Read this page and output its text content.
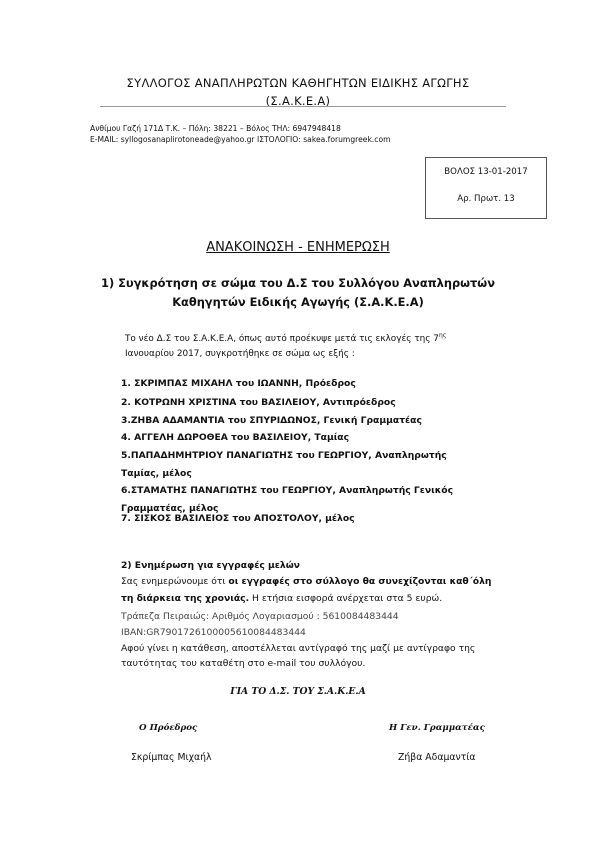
ΣΥΛΛΟΓΟΣ ΑΝΑΠΛΗΡΩΤΩΝ ΚΑΘΗΓΗΤΩΝ ΕΙΔΙΚΗΣ ΑΓΩΓΗΣ
(Σ.Α.Κ.Ε.Α)
Ανθίμου Γαζή 171Δ Τ.Κ. – Πόλη: 38221 – Βόλος ΤΗΛ: 6947948418
E-MAIL: syllogosanaplirotoneade@yahoo.gr ΙΣΤΟΛΟΓΙΟ: sakea.forumgreek.com
ΒΟΛΟΣ 13-01-2017
Αρ. Πρωτ. 13
ΑΝΑΚΟΙΝΩΣΗ - ΕΝΗΜΕΡΩΣΗ
1) Συγκρότηση σε σώμα του Δ.Σ του Συλλόγου Αναπληρωτών
Καθηγητών Ειδικής Αγωγής (Σ.Α.Κ.Ε.Α)
Το νέο Δ.Σ του Σ.Α.Κ.Ε.Α, όπως αυτό προέκυψε μετά τις εκλογές της $7^{\eta\varsigma}$
Ιανουαρίου 2017, συγκροτήθηκε σε σώμα ως εξής :
1. ΣΚΡΙΜΠΑΣ ΜΙΧΑΗΛ του ΙΩΑΝΝΗ, Πρόεδρος
2. ΚΟΤΡΩΝΗ ΧΡΙΣΤΙΝΑ του ΒΑΣΙΛΕΙΟΥ, Αντιπρόεδρος
3.ΖΗΒΑ ΑΔΑΜΑΝΤΙΑ του ΣΠΥΡΙΔΩΝΟΣ, Γενική Γραμματέας
4. ΑΓΓΕΛΗ ΔΩΡΟΘΕΑ του ΒΑΣΙΛΕΙΟΥ, Ταμίας
5.ΠΑΠΑΔΗΜΗΤΡΙΟΥ ΠΑΝΑΓΙΩΤΗΣ του ΓΕΩΡΓΙΟΥ, Αναπληρωτής
Ταμίας, μέλος
6.ΣΤΑΜΑΤΗΣ ΠΑΝΑΓΙΩΤΗΣ του ΓΕΩΡΓΙΟΥ, Αναπληρωτής Γενικός
Γραμματέας, μέλος
7. ΣΙΣΚΟΣ ΒΑΣΙΛΕΙΟΣ του ΑΠΟΣΤΟΛΟΥ, μέλος
2) Ενημέρωση για εγγραφές μελών
Σας ενημερώνουμε ότι οι εγγραφές στο σύλλογο θα συνεχίζονται καθ΄όλη
τη διάρκεια της χρονιάς. Η ετήσια εισφορά ανέρχεται στα 5 ευρώ.
Τράπεζα Πειραιώς: Αριθμός Λογαριασμού : 5610084483444
IBAN:GR7901726100005610084483444
Αφού γίνει η κατάθεση, αποστέλλεται αντίγραφό της μαζί με αντίγραφο της
ταυτότητας του καταθέτη στο e-mail του συλλόγου.
ΓΙΑ ΤΟ Δ.Σ. ΤΟΥ Σ.Α.Κ.Ε.Α
Ο Πρόεδρος	Η Γεν. Γραμματέας
Σκρίμπας Μιχαήλ	Ζήβα Αδαμαντία
